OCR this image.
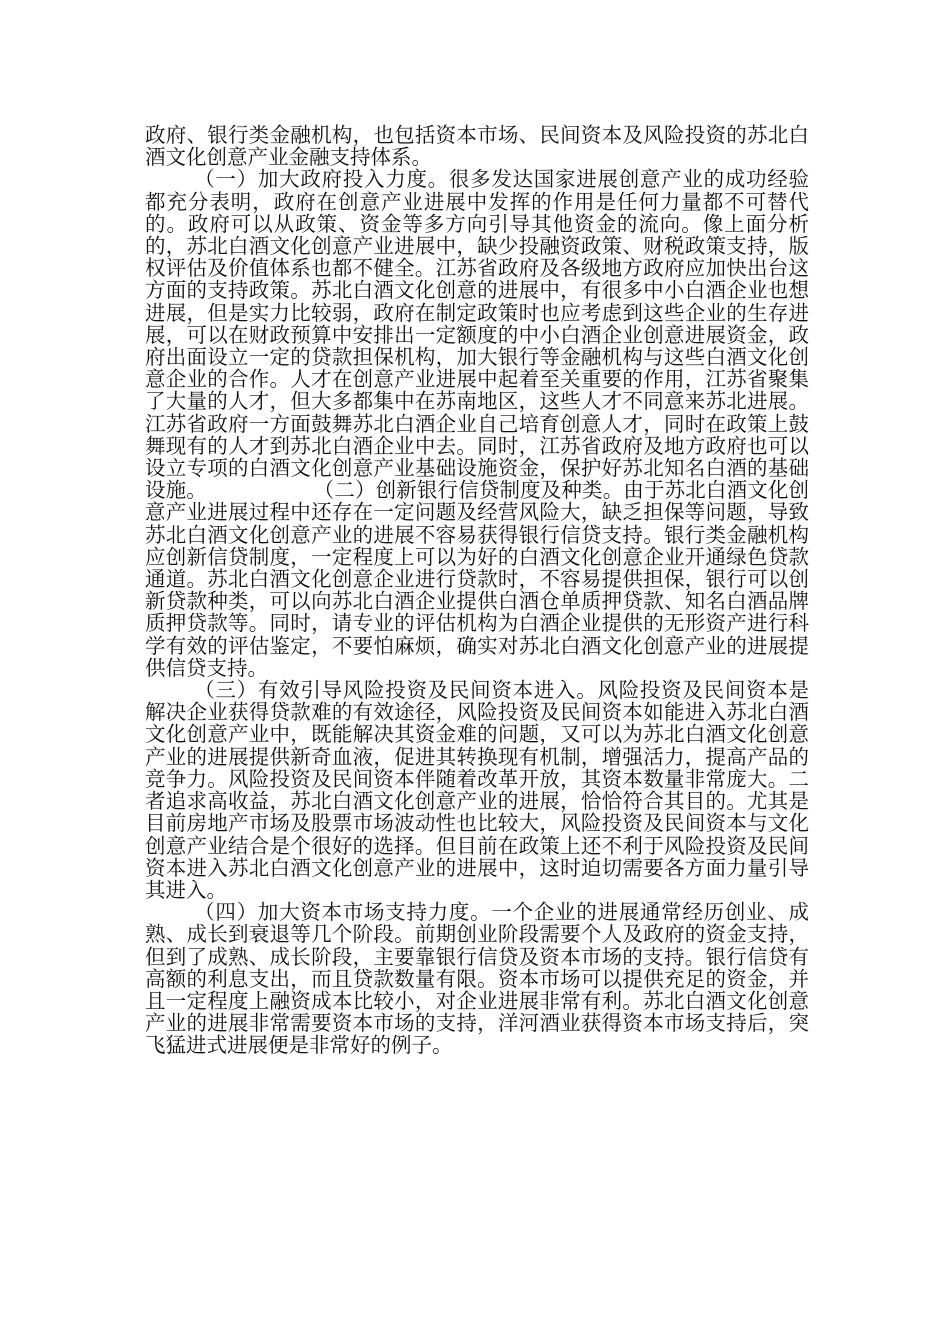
政府、银行类金融机构，也包括资本市场、民间资本及风险投资的苏北白酒文化创意产业金融支持体系。

（一）加大政府投入力度。很多发达国家进展创意产业的成功经验都充分表明，政府在创意产业进展中发挥的作用是任何力量都不可替代的。政府可以从政策、资金等多方向引导其他资金的流向。像上面分析的，苏北白酒文化创意产业进展中，缺少投融资政策、财税政策支持，版权评估及价值体系也都不健全。江苏省政府及各级地方政府应加快出台这方面的支持政策。苏北白酒文化创意的进展中，有很多中小白酒企业也想进展，但是实力比较弱，政府在制定政策时也应考虑到这些企业的生存进展，可以在财政预算中安排出一定额度的中小白酒企业创意进展资金，政府出面设立一定的贷款担保机构，加大银行等金融机构与这些白酒文化创意企业的合作。人才在创意产业进展中起着至关重要的作用，江苏省聚集了大量的人才，但大多都集中在苏南地区，这些人才不同意来苏北进展。江苏省政府一方面鼓舞苏北白酒企业自己培育创意人才，同时在政策上鼓舞现有的人才到苏北白酒企业中去。同时，江苏省政府及地方政府也可以设立专项的白酒文化创意产业基础设施资金，保护好苏北知名白酒的基础设施。	（二）创新银行信贷制度及种类。由于苏北白酒文化创意产业进展过程中还存在一定问题及经营风险大，缺乏担保等问题，导致苏北白酒文化创意产业的进展不容易获得银行信贷支持。银行类金融机构应创新信贷制度，一定程度上可以为好的白酒文化创意企业开通绿色贷款通道。苏北白酒文化创意企业进行贷款时，不容易提供担保，银行可以创新贷款种类，可以向苏北白酒企业提供白酒仓单质押贷款、知名白酒品牌质押贷款等。同时，请专业的评估机构为白酒企业提供的无形资产进行科学有效的评估鉴定，不要怕麻烦，确实对苏北白酒文化创意产业的进展提供信贷支持。

（三）有效引导风险投资及民间资本进入。风险投资及民间资本是解决企业获得贷款难的有效途径，风险投资及民间资本如能进入苏北白酒文化创意产业中，既能解决其资金难的问题，又可以为苏北白酒文化创意产业的进展提供新奇血液，促进其转换现有机制，增强活力，提高产品的竞争力。风险投资及民间资本伴随着改革开放，其资本数量非常庞大。二者追求高收益，苏北白酒文化创意产业的进展，恰恰符合其目的。尤其是目前房地产市场及股票市场波动性也比较大，风险投资及民间资本与文化创意产业结合是个很好的选择。但目前在政策上还不利于风险投资及民间资本进入苏北白酒文化创意产业的进展中，这时迫切需要各方面力量引导其进入。

（四）加大资本市场支持力度。一个企业的进展通常经历创业、成熟、成长到衰退等几个阶段。前期创业阶段需要个人及政府的资金支持，但到了成熟、成长阶段，主要靠银行信贷及资本市场的支持。银行信贷有高额的利息支出，而且贷款数量有限。资本市场可以提供充足的资金，并且一定程度上融资成本比较小，对企业进展非常有利。苏北白酒文化创意产业的进展非常需要资本市场的支持，洋河酒业获得资本市场支持后，突飞猛进式进展便是非常好的例子。
